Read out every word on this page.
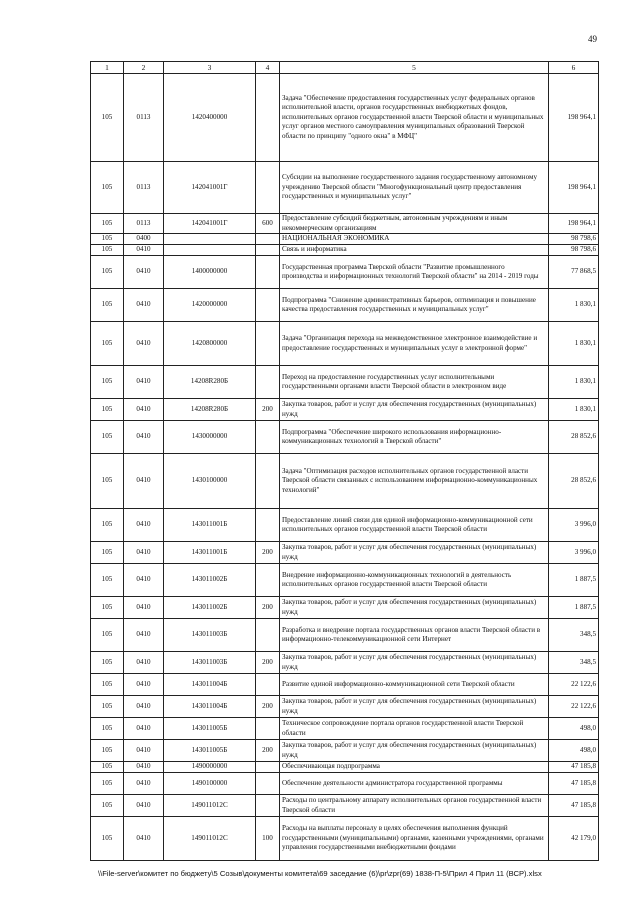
49
1	2	3	4	5	6
105	0113	1420400000		Задача "Обеспечение предоставления государственных услуг федеральных органов исполнительной власти, органов государственных внебюджетных фондов, исполнительных органов государственной власти Тверской области и муниципальных услуг органов местного самоуправления муниципальных образований Тверской области по принципу "одного окна" в МФЦ"	198 964,1
105	0113	142041001Г		Субсидии на выполнение государственного задания государственному автономному учреждению Тверской области "Многофункциональный центр предоставления государственных и муниципальных услуг"	198 964,1
105	0113	142041001Г	600	Предоставление субсидий бюджетным, автономным учреждениям и иным некоммерческим организациям	198 964,1
105	0400			НАЦИОНАЛЬНАЯ ЭКОНОМИКА	98 798,6
105	0410			Связь и информатика	98 798,6
105	0410	1400000000		Государственная программа Тверской области "Развитие промышленного производства и информационных технологий Тверской области" на 2014 - 2019 годы	77 868,5
105	0410	1420000000		Подпрограмма "Снижение административных барьеров, оптимизация и повышение качества предоставления государственных и муниципальных услуг"	1 830,1
105	0410	1420800000		Задача "Организация перехода на межведомственное электронное взаимодействие и предоставление государственных и муниципальных услуг в электронной форме"	1 830,1
105	0410	14208R280Б		Переход на предоставление государственных услуг исполнительными государственными органами власти Тверской области в электронном виде	1 830,1
105	0410	14208R280Б	200	Закупка товаров, работ и услуг для обеспечения государственных (муниципальных) нужд	1 830,1
105	0410	1430000000		Подпрограмма "Обеспечение широкого использования информационно-коммуникационных технологий в Тверской области"	28 852,6
105	0410	1430100000		Задача "Оптимизация расходов исполнительных органов государственной власти Тверской области связанных с использованием информационно-коммуникационных технологий"	28 852,6
105	0410	143011001Б		Предоставление линий связи для единой информационно-коммуникационной сети исполнительных органов государственной власти Тверской области	3 996,0
105	0410	143011001Б	200	Закупка товаров, работ и услуг для обеспечения государственных (муниципальных) нужд	3 996,0
105	0410	143011002Б		Внедрение информационно-коммуникационных технологий в деятельность исполнительных органов государственной власти Тверской области	1 887,5
105	0410	143011002Б	200	Закупка товаров, работ и услуг для обеспечения государственных (муниципальных) нужд	1 887,5
105	0410	143011003Б		Разработка и внедрение портала государственных органов власти Тверской области в информационно-телекоммуникационной сети Интернет	348,5
105	0410	143011003Б	200	Закупка товаров, работ и услуг для обеспечения государственных (муниципальных) нужд	348,5
105	0410	143011004Б		Развитие единой информационно-коммуникационной сети Тверской области	22 122,6
105	0410	143011004Б	200	Закупка товаров, работ и услуг для обеспечения государственных (муниципальных) нужд	22 122,6
105	0410	143011005Б		Техническое сопровождение портала органов государственной власти Тверской области	498,0
105	0410	143011005Б	200	Закупка товаров, работ и услуг для обеспечения государственных (муниципальных) нужд	498,0
105	0410	1490000000		Обеспечивающая подпрограмма	47 185,8
105	0410	1490100000		Обеспечение деятельности администратора государственной программы	47 185,8
105	0410	149011012С		Расходы по центральному аппарату исполнительных органов государственной власти Тверской области	47 185,8
105	0410	149011012С	100	Расходы на выплаты персоналу в целях обеспечения выполнения функций государственными (муниципальными) органами, казенными учреждениями, органами управления государственными внебюджетными фондами	42 179,0
\\File-server\комитет по бюджету\5 Созыв\документы комитета\69 заседание (6)\pr\zpr(69) 1838-П-5\Прил 4 Прил 11 (ВСР).xlsx
